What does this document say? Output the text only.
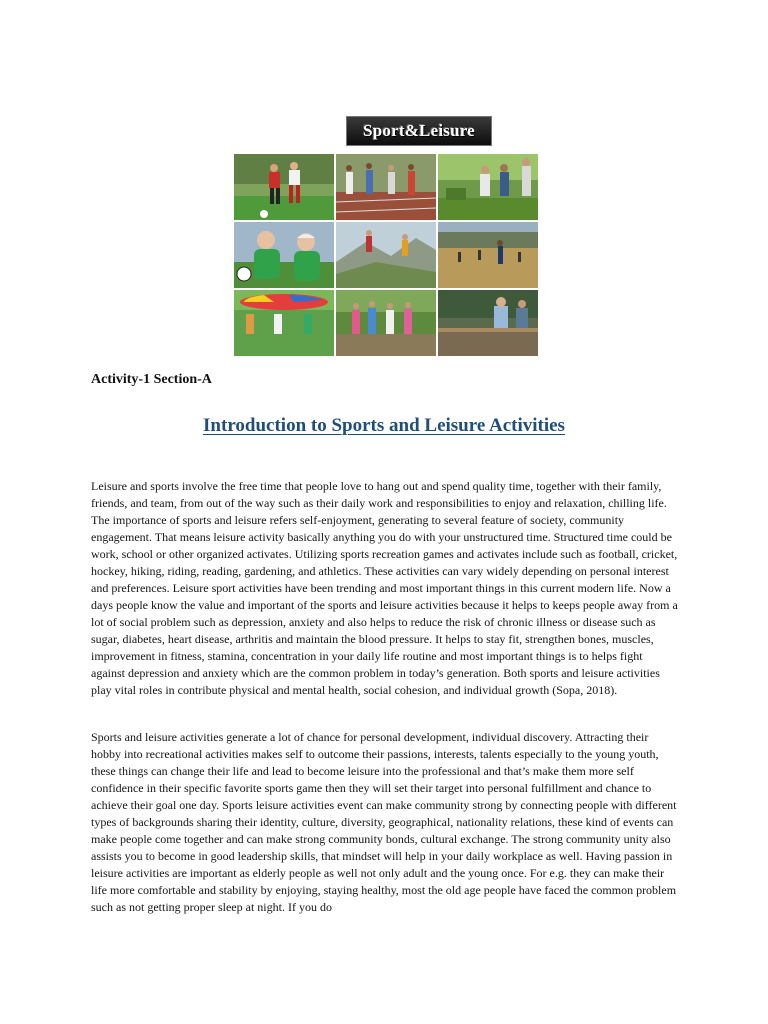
Sport&Leisure
Activity-1 Section-A
Introduction to Sports and Leisure Activities

Leisure and sports involve the free time that people love to hang out and spend quality time, together with their family, friends, and team, from out of the way such as their daily work and responsibilities to enjoy and relaxation, chilling life. The importance of sports and leisure refers self-enjoyment, generating to several feature of society, community engagement. That means leisure activity basically anything you do with your unstructured time. Structured time could be work, school or other organized activates. Utilizing sports recreation games and activates include such as football, cricket, hockey, hiking, riding, reading, gardening, and athletics. These activities can vary widely depending on personal interest and preferences. Leisure sport activities have been trending and most important things in this current modern life. Now a days people know the value and important of the sports and leisure activities because it helps to keeps people away from a lot of social problem such as depression, anxiety and also helps to reduce the risk of chronic illness or disease such as sugar, diabetes, heart disease, arthritis and maintain the blood pressure. It helps to stay fit, strengthen bones, muscles, improvement in fitness, stamina, concentration in your daily life routine and most important things is to helps fight against depression and anxiety which are the common problem in today’s generation. Both sports and leisure activities play vital roles in contribute physical and mental health, social cohesion, and individual growth (Sopa, 2018).

Sports and leisure activities generate a lot of chance for personal development, individual discovery. Attracting their hobby into recreational activities makes self to outcome their passions, interests, talents especially to the young youth, these things can change their life and lead to become leisure into the professional and that’s make them more self confidence in their specific favorite sports game then they will set their target into personal fulfillment and chance to achieve their goal one day. Sports leisure activities event can make community strong by connecting people with different types of backgrounds sharing their identity, culture, diversity, geographical, nationality relations, these kind of events can make people come together and can make strong community bonds, cultural exchange. The strong community unity also assists you to become in good leadership skills, that mindset will help in your daily workplace as well. Having passion in leisure activities are important as elderly people as well not only adult and the young once. For e.g. they can make their life more comfortable and stability by enjoying, staying healthy, most the old age people have faced the common problem such as not getting proper sleep at night. If you do
